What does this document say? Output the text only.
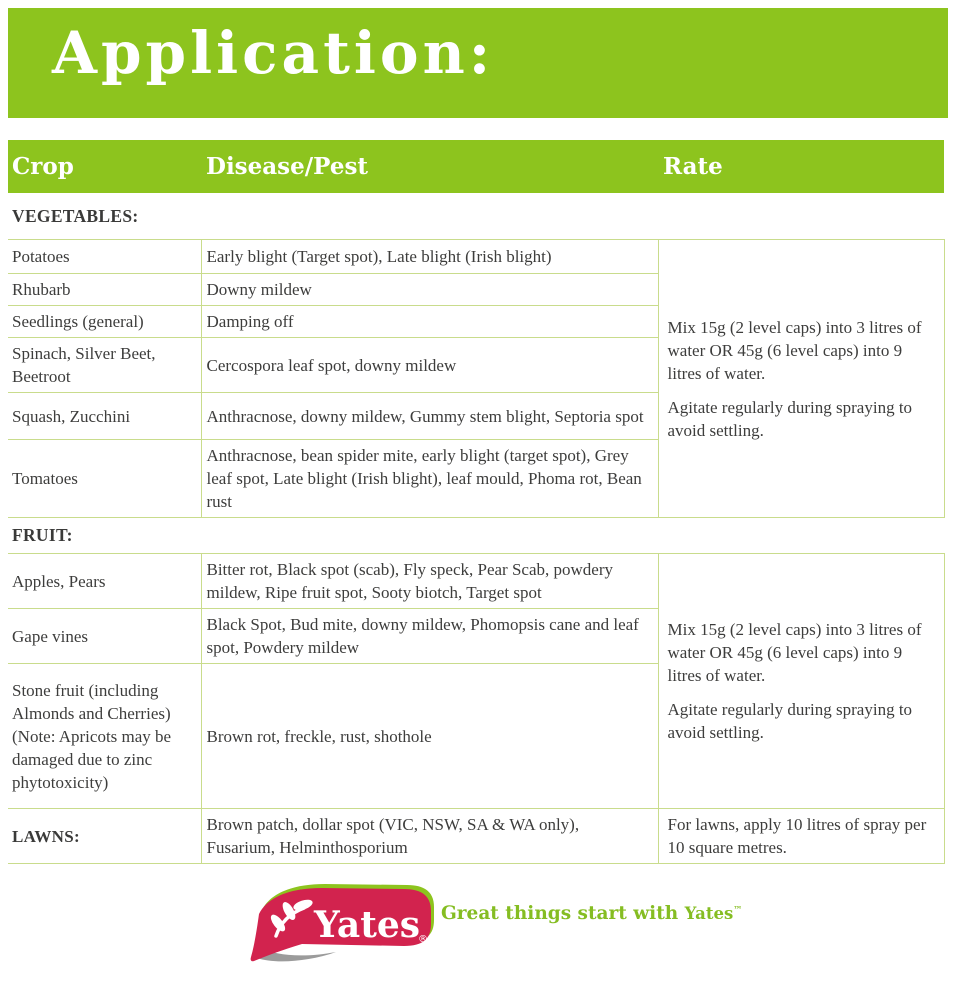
Application:
Crop	Disease/Pest	Rate
VEGETABLES:		
Potatoes	Early blight (Target spot), Late blight (Irish blight)	Mix 15g (2 level caps) into 3 litres of water OR 45g (6 level caps) into 9 litres of water.

Agitate regularly during spraying to avoid settling.

Rhubarb	Downy mildew	
Seedlings (general)	Damping off	
Spinach, Silver Beet, Beetroot	Cercospora leaf spot, downy mildew	
Squash, Zucchini	Anthracnose, downy mildew, Gummy stem blight, Septoria spot	
Tomatoes	Anthracnose, bean spider mite, early blight (target spot), Grey leaf spot, Late blight (Irish blight), leaf mould, Phoma rot, Bean rust	
FRUIT:		
Apples, Pears	Bitter rot, Black spot (scab), Fly speck, Pear Scab, powdery mildew, Ripe fruit spot, Sooty biotch, Target spot	Mix 15g (2 level caps) into 3 litres of water OR 45g (6 level caps) into 9 litres of water.

Agitate regularly during spraying to avoid settling.

Gape vines	Black Spot, Bud mite, downy mildew, Phomopsis cane and leaf spot, Powdery mildew	
Stone fruit (including Almonds and Cherries) (Note: Apricots may be damaged due to zinc phytotoxicity)	Brown rot, freckle, rust, shothole	
LAWNS:	Brown patch, dollar spot (VIC, NSW, SA & WA only), Fusarium, Helminthosporium	For lawns, apply 10 litres of spray per 10 square metres.
Yates
®
Great things start with Yates™
